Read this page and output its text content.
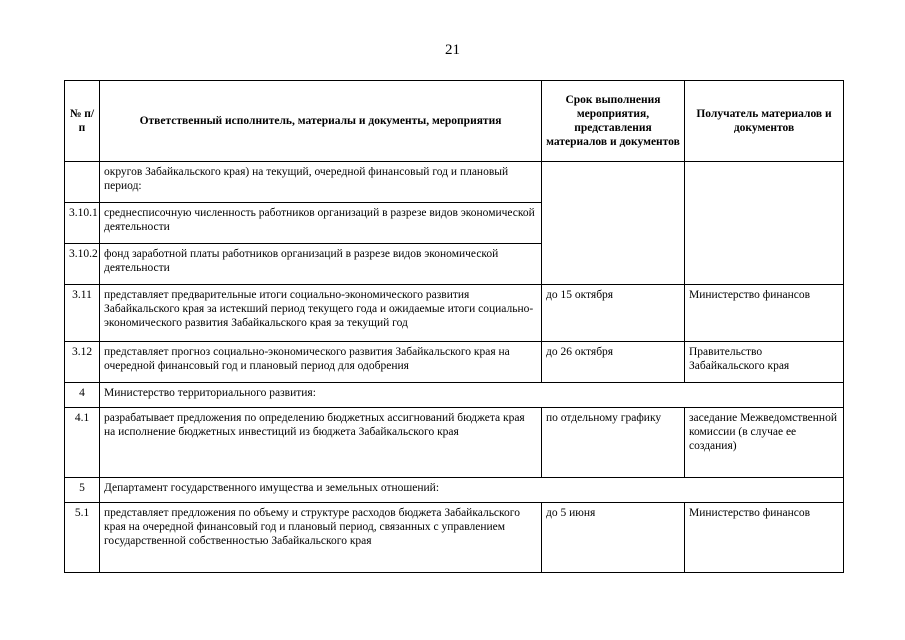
21
№ п/п	Ответственный исполнитель, материалы и документы, мероприятия	Срок выполнения мероприятия, представления материалов и документов	Получатель материалов и документов
	округов Забайкальского края) на текущий, очередной финансовый год и плановый период:		
3.10.1	среднесписочную численность работников организаций в разрезе видов экономической деятельности		
3.10.2	фонд заработной платы работников организаций в разрезе видов экономической деятельности		
3.11	представляет предварительные итоги социально-экономического развития Забайкальского края за истекший период текущего года и ожидаемые итоги социально-экономического развития Забайкальского края за текущий год	до 15 октября	Министерство финансов
3.12	представляет прогноз социально-экономического развития Забайкальского края на очередной финансовый год и плановый период для одобрения	до 26 октября	Правительство Забайкальского края
4	Министерство территориального развития:		
4.1	разрабатывает предложения по определению бюджетных ассигнований бюджета края на исполнение бюджетных инвестиций из бюджета Забайкальского края	по отдельному графику	заседание Межведомственной комиссии (в случае ее создания)
5	Департамент государственного имущества и земельных отношений:		
5.1	представляет предложения по объему и структуре расходов бюджета Забайкальского края на очередной финансовый год и плановый период, связанных с управлением государственной собственностью Забайкальского края	до 5 июня	Министерство финансов
